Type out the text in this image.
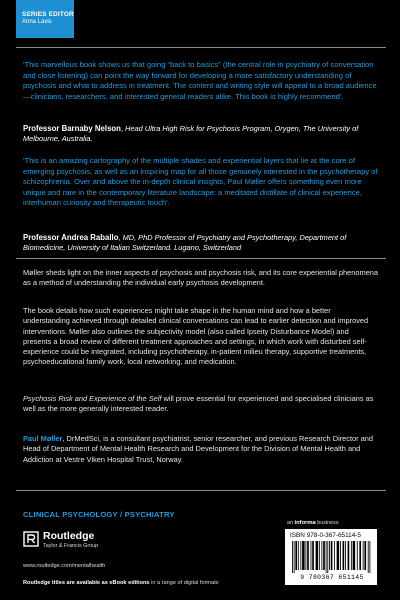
SERIES EDITOR
Anna Lavis
'This marvellous book shows us that going “back to basics” (the central role in psychiatry of conversation and close listening) can point the way forward for developing a more satisfactory understanding of psychosis and what to address in treatment. The content and writing style will appeal to a broad audience—clinicians, researchers, and interested general readers alike. This book is highly recommend'.
Professor Barnaby Nelson, Head Ultra High Risk for Psychosis Program, Orygen, The University of Melbourne, Australia.
'This is an amazing cartography of the multiple shades and experiential layers that lie at the core of emerging psychosis, as well as an inspiring map for all those genuinely interested in the psychotherapy of schizophrenia. Over and above the in-depth clinical insights, Paul Møller offers something even more unique and rare in the contemporary literature landscape: a meditated distillate of clinical experience, interhuman curiosity and therapeutic touch'.
Professor Andrea Raballo, MD, PhD Professor of Psychiatry and Psychotherapy, Department of Biomedicine, University of Italian Switzerland. Lugano, Switzerland
Møller sheds light on the inner aspects of psychosis and psychosis risk, and its core experiential phenomena as a method of understanding the individual early psychosis development.
The book details how such experiences might take shape in the human mind and how a better understanding achieved through detailed clinical conversations can lead to earlier detection and improved interventions. Møller also outlines the subjectivity model (also called Ipseity Disturbance Model) and presents a broad review of different treatment approaches and settings, in which work with disturbed self-experience could be integrated, including psychotherapy, in-patient milieu therapy, supportive treatments, psychoeducational family work, local networking, and medication.
Psychosis Risk and Experience of the Self will prove essential for experienced and specialised clinicians as well as the more generally interested reader.
Paul Møller, DrMedSci, is a consultant psychiatrist, senior researcher, and previous Research Director and Head of Department of Mental Health Research and Development for the Division of Mental Health and Addiction at Vestre Viken Hospital Trust, Norway.
CLINICAL PSYCHOLOGY / PSYCHIATRY
Routledge
Taylor & Francis Group
www.routledge.com/mentalhealth
Routledge titles are available as eBook editions in a range of digital formats
an informa business
ISBN 978-0-367-65114-5
9 780367 651145
